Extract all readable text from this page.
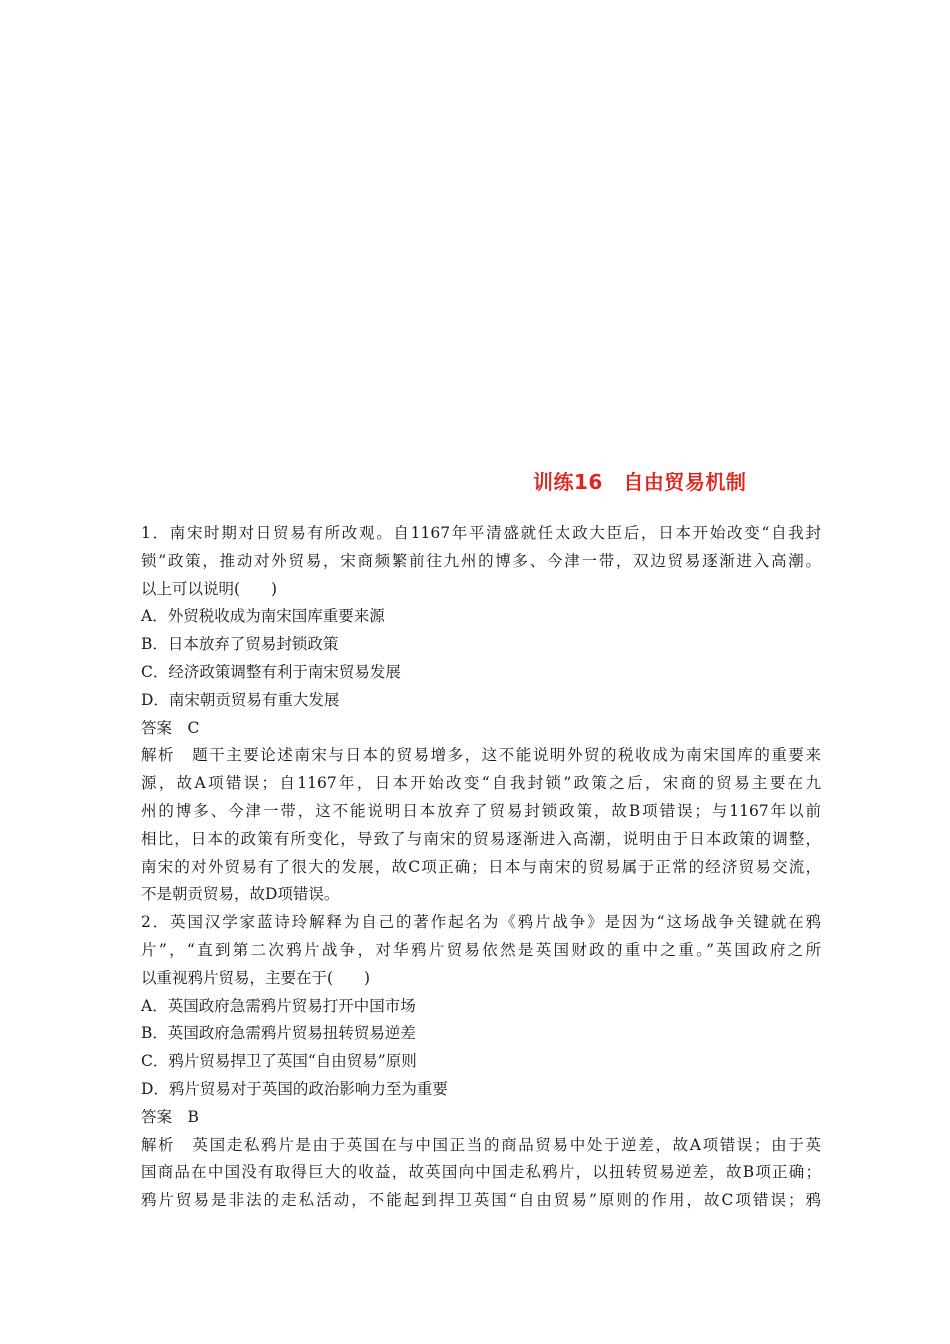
训练16　自由贸易机制

1．南宋时期对日贸易有所改观。自1167年平清盛就任太政大臣后，日本开始改变“自我封

锁”政策，推动对外贸易，宋商频繁前往九州的博多、今津一带，双边贸易逐渐进入高潮。

以上可以说明(　　)

A．外贸税收成为南宋国库重要来源

B．日本放弃了贸易封锁政策

C．经济政策调整有利于南宋贸易发展

D．南宋朝贡贸易有重大发展

答案　 C

解析　 题干主要论述南宋与日本的贸易增多，这不能说明外贸的税收成为南宋国库的重要来

源，故A项错误；自1167年，日本开始改变“自我封锁”政策之后，宋商的贸易主要在九

州的博多、今津一带，这不能说明日本放弃了贸易封锁政策，故B项错误；与1167年以前

相比，日本的政策有所变化，导致了与南宋的贸易逐渐进入高潮，说明由于日本政策的调整，

南宋的对外贸易有了很大的发展，故C项正确；日本与南宋的贸易属于正常的经济贸易交流，

不是朝贡贸易，故D项错误。

2．英国汉学家蓝诗玲解释为自己的著作起名为《鸦片战争》是因为“这场战争关键就在鸦

片”，“直到第二次鸦片战争，对华鸦片贸易依然是英国财政的重中之重。”英国政府之所

以重视鸦片贸易，主要在于(　　)

A．英国政府急需鸦片贸易打开中国市场

B．英国政府急需鸦片贸易扭转贸易逆差

C．鸦片贸易捍卫了英国“自由贸易”原则

D．鸦片贸易对于英国的政治影响力至为重要

答案　 B

解析　 英国走私鸦片是由于英国在与中国正当的商品贸易中处于逆差，故A项错误；由于英

国商品在中国没有取得巨大的收益，故英国向中国走私鸦片，以扭转贸易逆差，故B项正确；

鸦片贸易是非法的走私活动，不能起到捍卫英国“自由贸易”原则的作用，故C项错误；鸦
